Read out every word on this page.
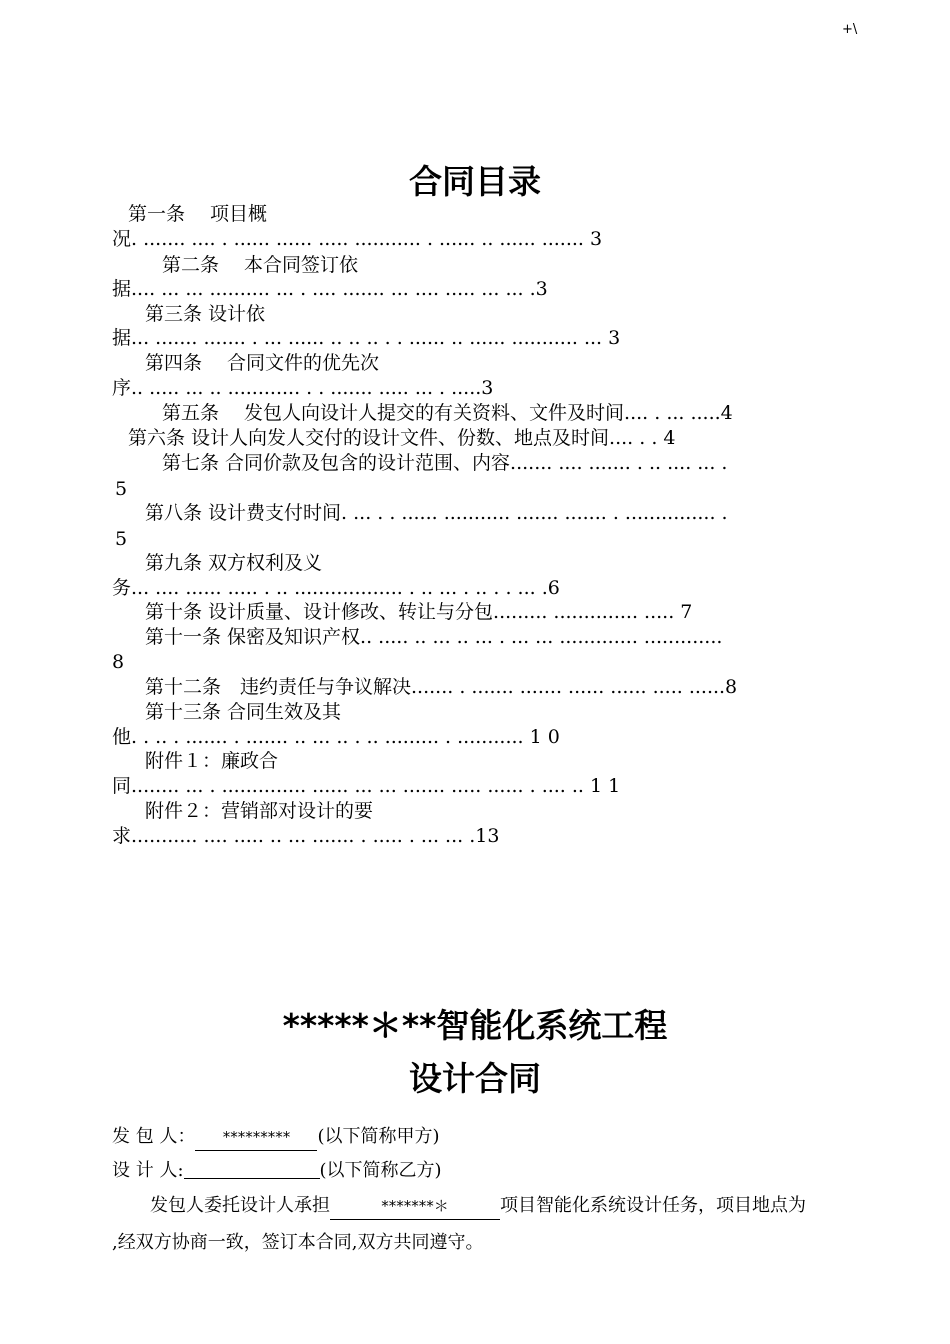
+\
合同目录
第一条　 项目概
况. ....... .... . ...... ...... ..... ........... . ...... .. ...... ....... 3
第二条　 本合同签订依
据.... ... ... .......... ... . .... ....... ... .... ..... ... ... .3
第三条 设计依
据... ....... ....... . ... ...... .. .. .. . . ...... .. ...... ........... ... 3
第四条　 合同文件的优先次
序.. ..... ... .. ............ . . ....... ..... ... . .....3
第五条　 发包人向设计人提交的有关资料、文件及时间.... . ... .....4
第六条 设计人向发人交付的设计文件、份数、地点及时间.... . . 4
第七条 合同价款及包含的设计范围、内容....... .... ....... . .. .... ... .
5
第八条 设计费支付时间. ... . . ...... ........... ....... ....... . ............... .
5
第九条 双方权利及义
务... .... ...... ..... . .. .................. . .. ... . .. . . ... .6
第十条 设计质量、设计修改、转让与分包......... .............. ..... 7
第十一条 保密及知识产权.. ..... .. ... .. ... . ... ... ............. .............
8
第十二条　违约责任与争议解决....... . ....... ....... ...... ...... ..... ......8
第十三条 合同生效及其
他. . .. . ....... . ....... .. ... .. . .. ......... . ........... 1 0
附件１：廉政合
同........ ... . .............. ...... ... ... ....... ..... ...... . .... .. 1 1
附件２：营销部对设计的要
求........... .... ..... .. ... ....... . ..... . ... ... .13
*****＊**智能化系统工程
设计合同
发 包 人： ********* (以下简称甲方)
设 计 人:	(以下简称乙方)
发包人委托设计人承担	*******＊	项目智能化系统设计任务，项目地点为
,经双方协商一致，签订本合同,双方共同遵守。
